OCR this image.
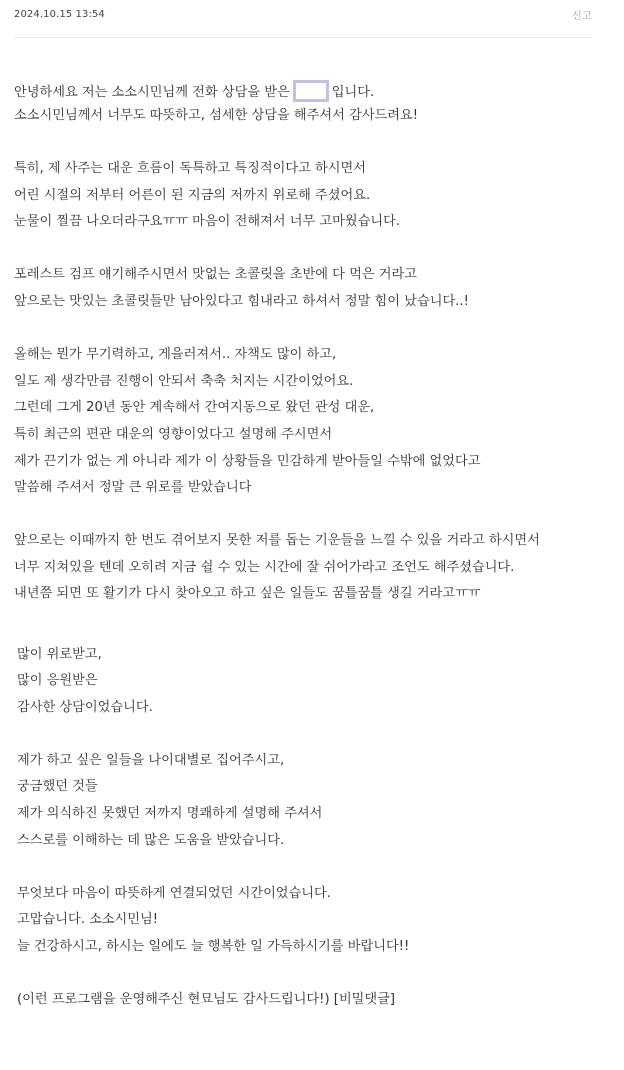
2024.10.15 13:54	신고
안녕하세요 저는 소소시민님께 전화 상담을 받은	입니다.
소소시민님께서 너무도 따뜻하고, 섬세한 상담을 해주셔서 감사드려요!
특히, 제 사주는 대운 흐름이 독특하고 특징적이다고 하시면서
어린 시절의 저부터 어른이 된 지금의 저까지 위로해 주셨어요.
눈물이 찔끔 나오더라구요ㅠㅠ 마음이 전해져서 너무 고마웠습니다.
포레스트 검프 얘기해주시면서 맛없는 초콜릿을 초반에 다 먹은 거라고
앞으로는 맛있는 초콜릿들만 남아있다고 힘내라고 하셔서 정말 힘이 났습니다..!
올해는 뭔가 무기력하고, 게을러져서.. 자책도 많이 하고,
일도 제 생각만큼 진행이 안되서 축축 처지는 시간이었어요.
그런데 그게 20년 동안 계속해서 간여지동으로 왔던 관성 대운,
특히 최근의 편관 대운의 영향이었다고 설명해 주시면서
제가 끈기가 없는 게 아니라 제가 이 상황들을 민감하게 받아들일 수밖에 없었다고
말씀해 주셔서 정말 큰 위로를 받았습니다
앞으로는 이때까지 한 번도 겪어보지 못한 저를 돕는 기운들을 느낄 수 있을 거라고 하시면서
너무 지쳐있을 텐데 오히려 지금 쉴 수 있는 시간에 잘 쉬어가라고 조언도 해주셨습니다.
내년쯤 되면 또 활기가 다시 찾아오고 하고 싶은 일들도 꿈틀꿈틀 생길 거라고ㅠㅠ
많이 위로받고,
많이 응원받은
감사한 상담이었습니다.
제가 하고 싶은 일들을 나이대별로 집어주시고,
궁금했던 것들
제가 의식하진 못했던 저까지 명쾌하게 설명해 주셔서
스스로를 이해하는 데 많은 도움을 받았습니다.
무엇보다 마음이 따뜻하게 연결되었던 시간이었습니다.
고맙습니다. 소소시민님!
늘 건강하시고, 하시는 일에도 늘 행복한 일 가득하시기를 바랍니다!!
(이런 프로그램을 운영해주신 현묘님도 감사드립니다!) [비밀댓글]
